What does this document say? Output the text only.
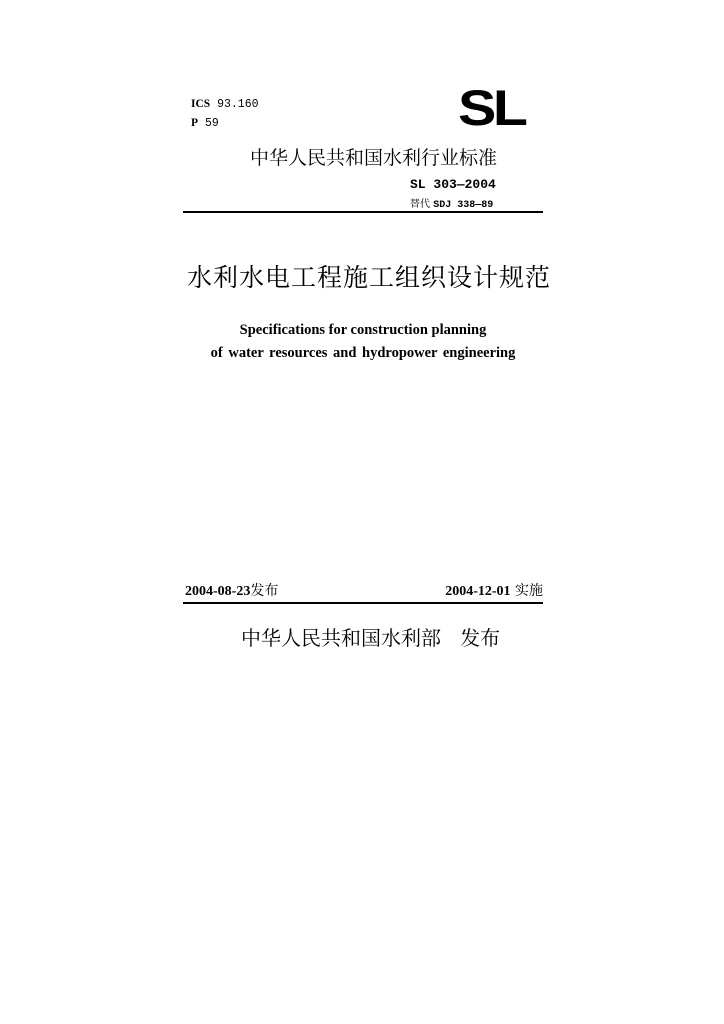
ICS 93.160
P 59	SL
中华人民共和国水利行业标准
SL 303—2004
替代 SDJ 338—89
水利水电工程施工组织设计规范
Specifications for construction planning
of water resources and hydropower engineering
2004-08-23发布	2004-12-01 实施
中华人民共和国水利部 发布
